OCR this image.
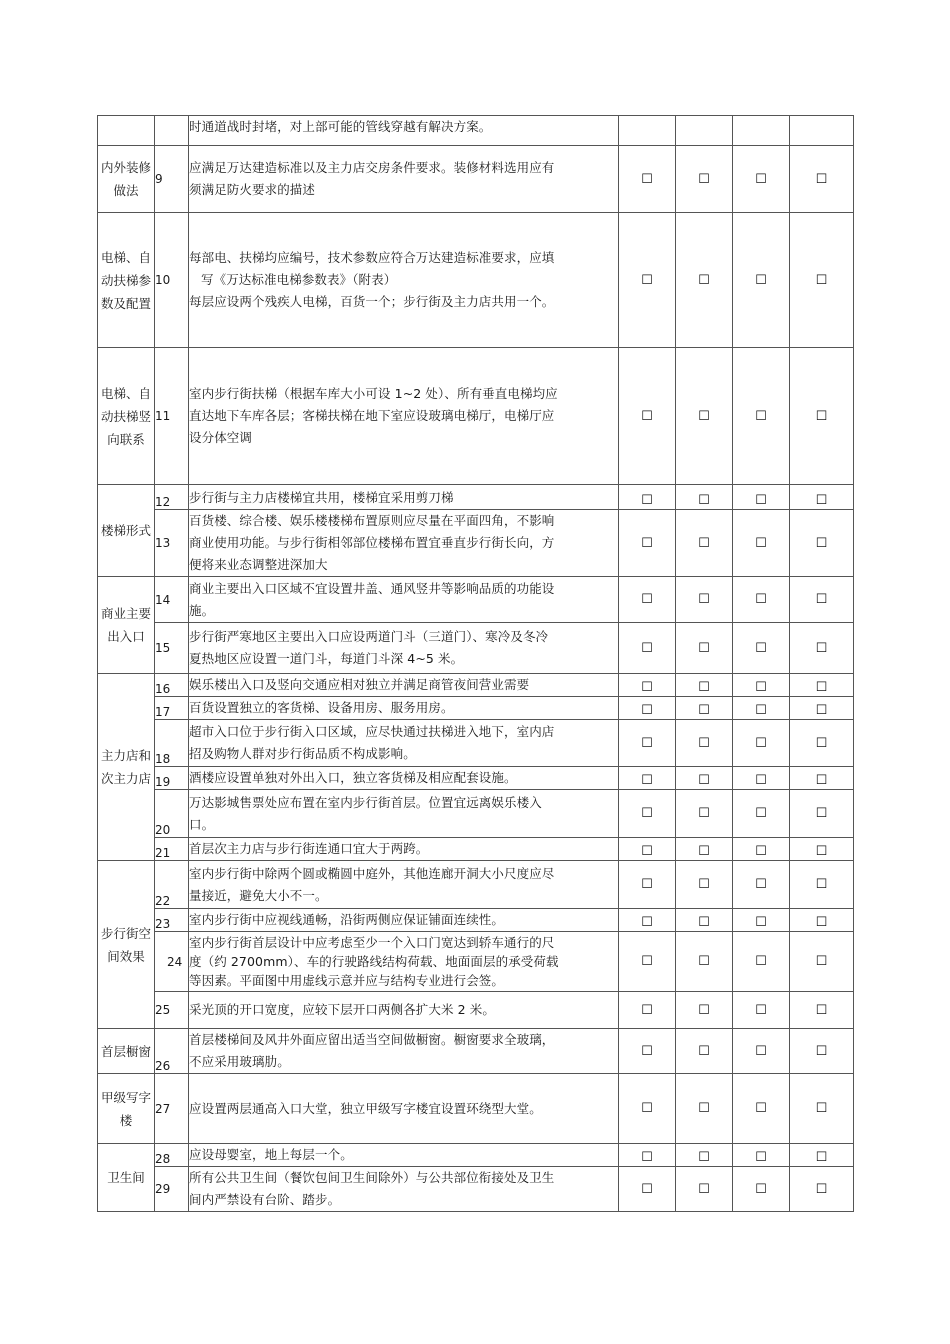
		时通道战时封堵，对上部可能的管线穿越有解决方案。				

内外装修做法	9	应满足万达建造标准以及主力店交房条件要求。装修材料选用应有
须满足防火要求的描述	☐	☐	☐	☐
电梯、自动扶梯参数及配置	10	每部电、扶梯均应编号，技术参数应符合万达建造标准要求，应填
写《万达标准电梯参数表》（附表）
每层应设两个残疾人电梯，百货一个；步行街及主力店共用一个。	☐	☐	☐	☐
电梯、自动扶梯竖向联系	11	室内步行街扶梯（根据车库大小可设 1~2 处）、所有垂直电梯均应
直达地下车库各层；客梯扶梯在地下室应设玻璃电梯厅，电梯厅应
设分体空调	☐	☐	☐	☐
楼梯形式	12	步行街与主力店楼梯宜共用，楼梯宜采用剪刀梯	☐	☐	☐	☐
	13	百货楼、综合楼、娱乐楼楼梯布置原则应尽量在平面四角，不影响
商业使用功能。与步行街相邻部位楼梯布置宜垂直步行街长向，方
便将来业态调整进深加大	☐	☐	☐	☐
商业主要出入口	14	商业主要出入口区域不宜设置井盖、通风竖井等影响品质的功能设
施。	☐	☐	☐	☐
	15	步行街严寒地区主要出入口应设两道门斗（三道门）、寒冷及冬冷
夏热地区应设置一道门斗，每道门斗深 4~5 米。	☐	☐	☐	☐
主力店和次主力店	16	娱乐楼出入口及竖向交通应相对独立并满足商管夜间营业需要	☐	☐	☐	☐
	17	百货设置独立的客货梯、设备用房、服务用房。	☐	☐	☐	☐
	18	超市入口位于步行街入口区域，应尽快通过扶梯进入地下，室内店
招及购物人群对步行街品质不构成影响。	☐	☐	☐	☐
	19	酒楼应设置单独对外出入口，独立客货梯及相应配套设施。	☐	☐	☐	☐
	20	万达影城售票处应布置在室内步行街首层。位置宜远离娱乐楼入
口。	☐	☐	☐	☐
	21	首层次主力店与步行街连通口宜大于两跨。	☐	☐	☐	☐
步行街空间效果	22	室内步行街中除两个圆或椭圆中庭外，其他连廊开洞大小尺度应尽
量接近，避免大小不一。	☐	☐	☐	☐
	23	室内步行街中应视线通畅，沿街两侧应保证铺面连续性。	☐	☐	☐	☐
	24	室内步行街首层设计中应考虑至少一个入口门宽达到轿车通行的尺
度（约 2700mm）、车的行驶路线结构荷载、地面面层的承受荷载
等因素。平面图中用虚线示意并应与结构专业进行会签。	☐	☐	☐	☐
	25	采光顶的开口宽度，应较下层开口两侧各扩大米 2 米。	☐	☐	☐	☐
首层橱窗	26	首层楼梯间及风井外面应留出适当空间做橱窗。橱窗要求全玻璃，
不应采用玻璃肋。	☐	☐	☐	☐
甲级写字楼	27	应设置两层通高入口大堂，独立甲级写字楼宜设置环绕型大堂。	☐	☐	☐	☐
卫生间	28	应设母婴室，地上每层一个。	☐	☐	☐	☐
	29	所有公共卫生间（餐饮包间卫生间除外）与公共部位衔接处及卫生
间内严禁设有台阶、踏步。	☐	☐	☐	☐
